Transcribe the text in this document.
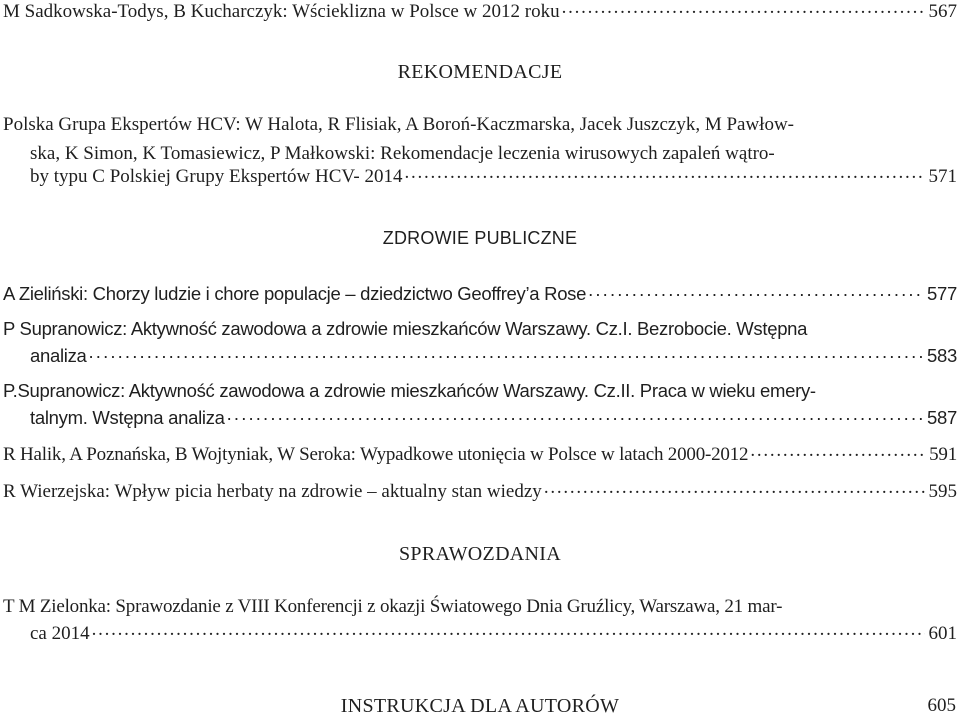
M Sadkowska-Todys, B Kucharczyk: Wścieklizna w Polsce w 2012 roku . . .	567
REKOMENDACJE
Polska Grupa Ekspertów HCV: W Halota, R Flisiak, A Boroń-Kaczmarska, Jacek Juszczyk, M Pawłow-
ska, K Simon, K Tomasiewicz, P Małkowski: Rekomendacje leczenia wirusowych zapaleń wątro-
by typu C Polskiej Grupy Ekspertów HCV- 2014 . . .	571
ZDROWIE PUBLICZNE
A Zieliński: Chorzy ludzie i chore populacje – dziedzictwo Geoffrey’a Rose . . .	577
P Supranowicz: Aktywność zawodowa a zdrowie mieszkańców Warszawy. Cz.I. Bezrobocie. Wstępna
analiza . . .	583
P.Supranowicz: Aktywność zawodowa a zdrowie mieszkańców Warszawy. Cz.II. Praca w wieku emery-
talnym. Wstępna analiza . . .	587
R Halik, A Poznańska, B Wojtyniak, W Seroka: Wypadkowe utonięcia w Polsce w latach 2000-2012 . . .	591
R Wierzejska: Wpływ picia herbaty na zdrowie – aktualny stan wiedzy . . .	595
SPRAWOZDANIA
T M Zielonka: Sprawozdanie z VIII Konferencji z okazji Światowego Dnia Gruźlicy, Warszawa, 21 mar-
ca 2014 . . .	601
INSTRUKCJA DLA AUTORÓW	605
